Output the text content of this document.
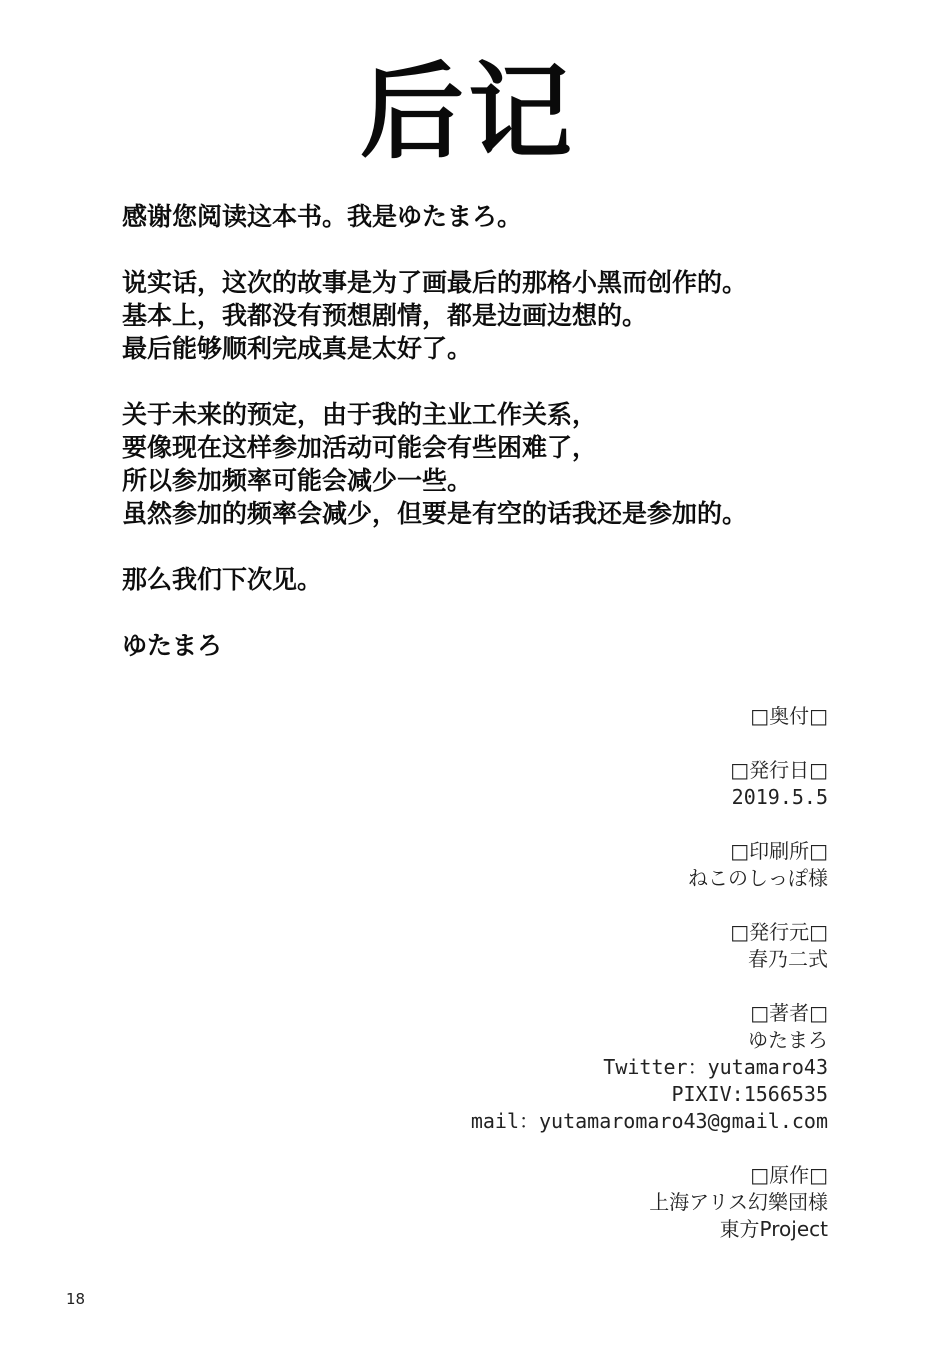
后记
感谢您阅读这本书。我是ゆたまろ。
说实话，这次的故事是为了画最后的那格小黑而创作的。
基本上，我都没有预想剧情，都是边画边想的。
最后能够顺利完成真是太好了。
关于未来的预定，由于我的主业工作关系，
要像现在这样参加活动可能会有些困难了，
所以参加频率可能会减少一些。
虽然参加的频率会减少，但要是有空的话我还是参加的。
那么我们下次见。
ゆたまろ
□奥付□
□発行日□
2019.5.5
□印刷所□
ねこのしっぽ様
□発行元□
春乃二式
□著者□
ゆたまろ
Twitter：yutamaro43
PIXIV:1566535
mail：yutamaromaro43@gmail.com
□原作□
上海アリス幻樂団様
東方Project
18
